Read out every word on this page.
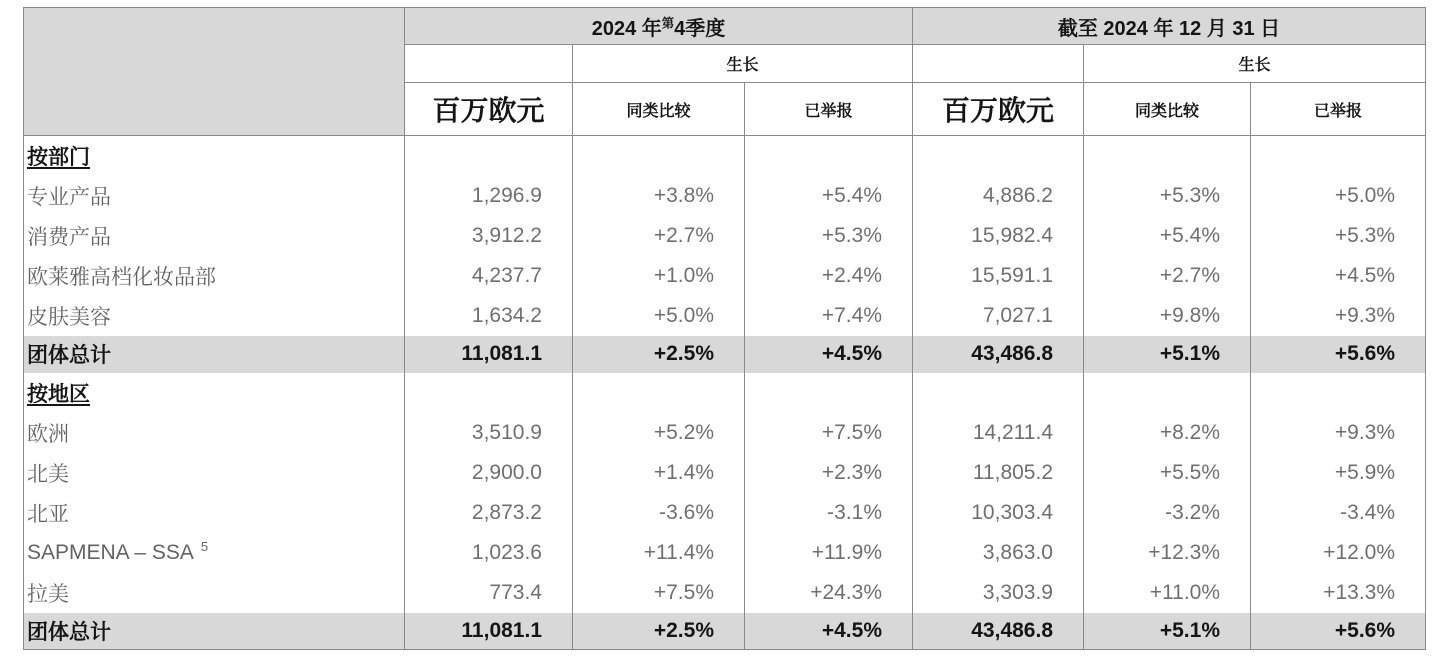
	2024 年$^第$4季度			截至 2024 年 12 月 31 日		
		生长			生长	
	百万欧元	同类比较	已举报	百万欧元	同类比较	已举报
按部门						
专业产品	1,296.9	+3.8%	+5.4%	4,886.2	+5.3%	+5.0%
消费产品	3,912.2	+2.7%	+5.3%	15,982.4	+5.4%	+5.3%
欧莱雅高档化妆品部	4,237.7	+1.0%	+2.4%	15,591.1	+2.7%	+4.5%
皮肤美容	1,634.2	+5.0%	+7.4%	7,027.1	+9.8%	+9.3%
团体总计	11,081.1	+2.5%	+4.5%	43,486.8	+5.1%	+5.6%
按地区						
欧洲	3,510.9	+5.2%	+7.5%	14,211.4	+8.2%	+9.3%
北美	2,900.0	+1.4%	+2.3%	11,805.2	+5.5%	+5.9%
北亚	2,873.2	-3.6%	-3.1%	10,303.4	-3.2%	-3.4%
SAPMENA – SSA $^5$	1,023.6	+11.4%	+11.9%	3,863.0	+12.3%	+12.0%
拉美	773.4	+7.5%	+24.3%	3,303.9	+11.0%	+13.3%
团体总计	11,081.1	+2.5%	+4.5%	43,486.8	+5.1%	+5.6%
